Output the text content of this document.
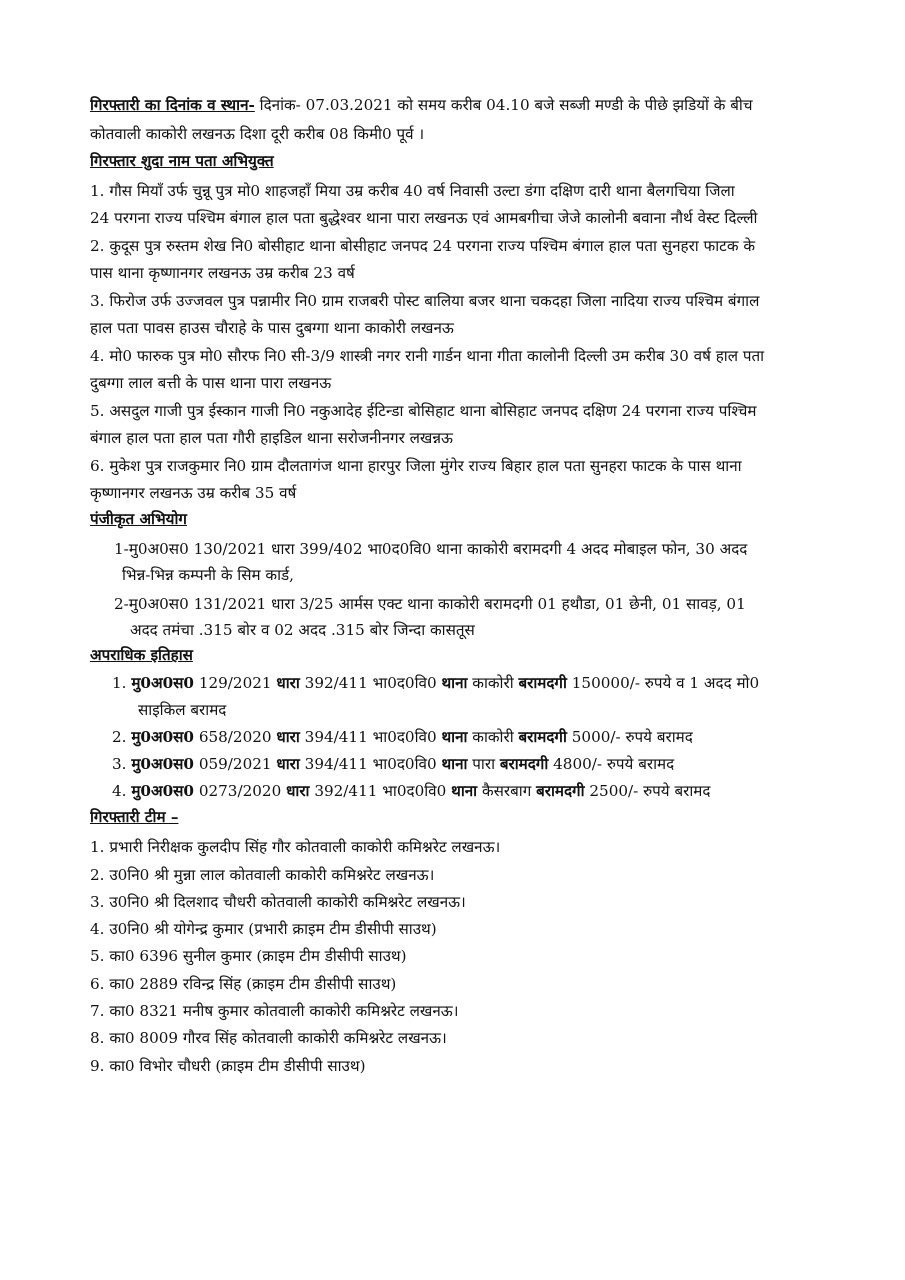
गिरफ्तारी का दिनांक व स्थान- दिनांक- 07.03.2021 को समय करीब 04.10 बजे सब्जी मण्डी के पीछे झडियों के बीच
कोतवाली काकोरी लखनऊ दिशा दूरी करीब 08 किमी0 पूर्व ।
गिरफ्तार शुदा नाम पता अभियुक्त
1. गौस मियाँ उर्फ चुन्नू पुत्र मो0 शाहजहाँ मिया उम्र करीब 40 वर्ष निवासी उल्टा डंगा दक्षिण दारी थाना बैलगचिया जिला
24 परगना राज्य पश्चिम बंगाल हाल पता बुद्धेश्वर थाना पारा लखनऊ एवं आमबगीचा जेजे कालोनी बवाना नौर्थ वेस्ट दिल्ली
2. कुदूस पुत्र रुस्तम शेख नि0 बोसीहाट थाना बोसीहाट जनपद 24 परगना राज्य पश्चिम बंगाल हाल पता सुनहरा फाटक के
पास थाना कृष्णानगर लखनऊ उम्र करीब 23 वर्ष
3. फिरोज उर्फ उज्जवल पुत्र पन्नामीर नि0 ग्राम राजबरी पोस्ट बालिया बजर थाना चकदहा जिला नादिया राज्य पश्चिम बंगाल
हाल पता पावस हाउस चौराहे के पास दुबग्गा थाना काकोरी लखनऊ
4. मो0 फारुक पुत्र मो0 सौरफ नि0 सी-3/9 शास्त्री नगर रानी गार्डन थाना गीता कालोनी दिल्ली उम करीब 30 वर्ष हाल पता
दुबग्गा लाल बत्ती के पास थाना पारा लखनऊ
5. असदुल गाजी पुत्र ईस्कान गाजी नि0 नकुआदेह ईटिन्डा बोसिहाट थाना बोसिहाट जनपद दक्षिण 24 परगना राज्य पश्चिम
बंगाल हाल पता हाल पता गौरी हाइडिल थाना सरोजनीनगर लखन्नऊ
6. मुकेश पुत्र राजकुमार नि0 ग्राम दौलतागंज थाना हारपुर जिला मुंगेर राज्य बिहार हाल पता सुनहरा फाटक के पास थाना
कृष्णानगर लखनऊ उम्र करीब 35 वर्ष
पंजीकृत अभियोग
1-मु0अ0स0 130/2021 धारा 399/402 भा0द0वि0 थाना काकोरी बरामदगी 4 अदद मोबाइल फोन, 30 अदद
भिन्न-भिन्न कम्पनी के सिम कार्ड,
2-मु0अ0स0 131/2021 धारा 3/25 आर्मस एक्ट थाना काकोरी बरामदगी 01 हथौडा, 01 छेनी, 01 सावड़, 01
अदद तमंचा .315 बोर व 02 अदद .315 बोर जिन्दा कासतूस
अपराधिक इतिहास
1. मु0अ0स0 129/2021 धारा 392/411 भा0द0वि0 थाना काकोरी बरामदगी 150000/- रुपये व 1 अदद मो0
साइकिल बरामद
2. मु0अ0स0 658/2020 धारा 394/411 भा0द0वि0 थाना काकोरी बरामदगी 5000/- रुपये बरामद
3. मु0अ0स0 059/2021 धारा 394/411 भा0द0वि0 थाना पारा बरामदगी 4800/- रुपये बरामद
4. मु0अ0स0 0273/2020 धारा 392/411 भा0द0वि0 थाना कैसरबाग बरामदगी 2500/- रुपये बरामद
गिरफ्तारी टीम –
1. प्रभारी निरीक्षक कुलदीप सिंह गौर कोतवाली काकोरी कमिश्नरेट लखनऊ।
2. उ0नि0 श्री मुन्ना लाल कोतवाली काकोरी कमिश्नरेट लखनऊ।
3. उ0नि0 श्री दिलशाद चौधरी कोतवाली काकोरी कमिश्नरेट लखनऊ।
4. उ0नि0 श्री योगेन्द्र कुमार (प्रभारी क्राइम टीम डीसीपी साउथ)
5. का0 6396 सुनील कुमार (क्राइम टीम डीसीपी साउथ)
6. का0 2889 रविन्द्र सिंह (क्राइम टीम डीसीपी साउथ)
7. का0 8321 मनीष कुमार कोतवाली काकोरी कमिश्नरेट लखनऊ।
8. का0 8009 गौरव सिंह कोतवाली काकोरी कमिश्नरेट लखनऊ।
9. का0 विभोर चौधरी (क्राइम टीम डीसीपी साउथ)
